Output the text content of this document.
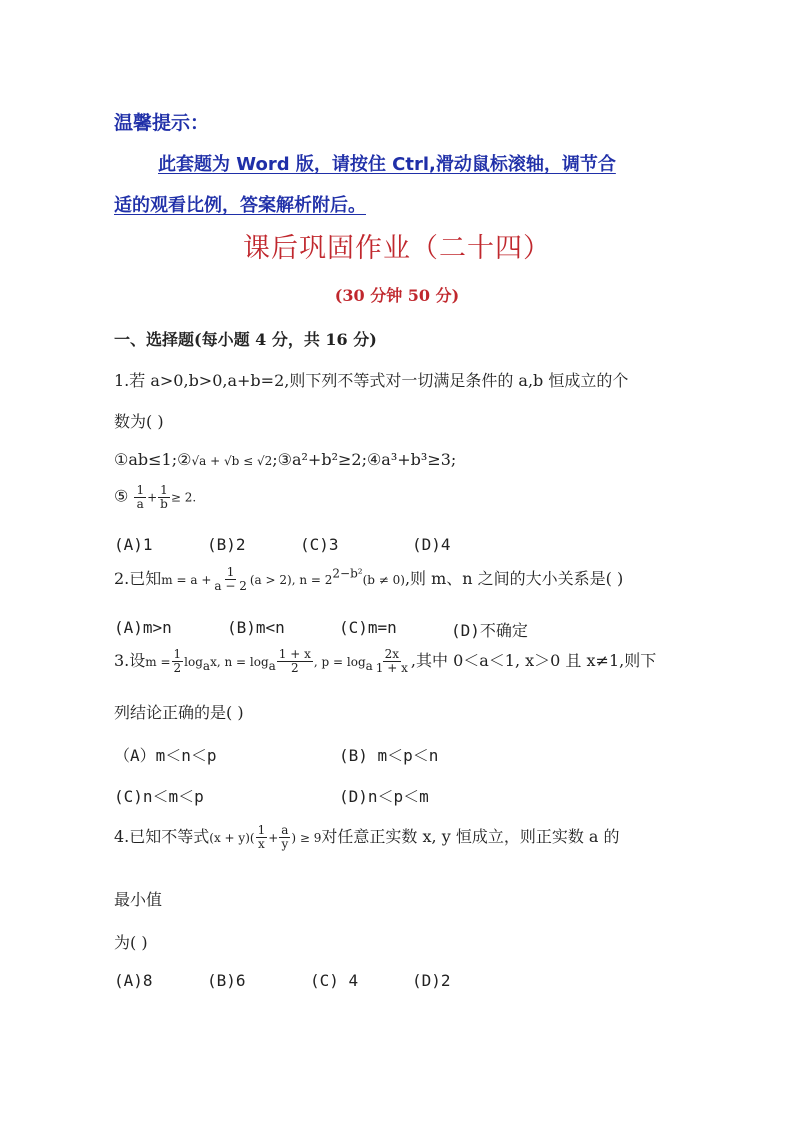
温馨提示：
此套题为 Word 版，请按住 Ctrl,滑动鼠标滚轴，调节合
适的观看比例，答案解析附后。
课后巩固作业（二十四）
(30 分钟 50 分)
一、选择题(每小题 4 分，共 16 分)
1.若 a>0,b>0,a+b=2,则下列不等式对一切满足条件的 a,b 恒成立的个
数为( )
①ab≤1;②√a + √b ≤ √2;③a²+b²≥2;④a³+b³≥3;
⑤ $\frac{1}{a} + \frac{1}{b} \ge 2$.
(A)1	(B)2	(C)3	(D)4
2.已知$m = a + \frac{1}{a - 2} (a > 2)$, $n = 2^{2-b^2}(b \ne 0)$,则 m、n 之间的大小关系是( )
(A)m>n	(B)m<n	(C)m=n	(D)不确定
3.设$m = \frac{1}{2} \log_ax$, $n = \log_a \frac{1 + x}{2}$ , $p = \log_a \frac{2x}{1 + x}$ ,其中 0＜a＜1, x＞0 且 x≠1,则下
列结论正确的是( )
（A）m＜n＜p	(B) m＜p＜n
(C)n＜m＜p	(D)n＜p＜m
4.已知不等式$(x + y)( \frac{1}{x} + \frac{a}{y}$ ) ≥ 9对任意正实数 x, y 恒成立，则正实数 a 的
最小值
为( )
(A)8	(B)6	(C) 4	(D)2
